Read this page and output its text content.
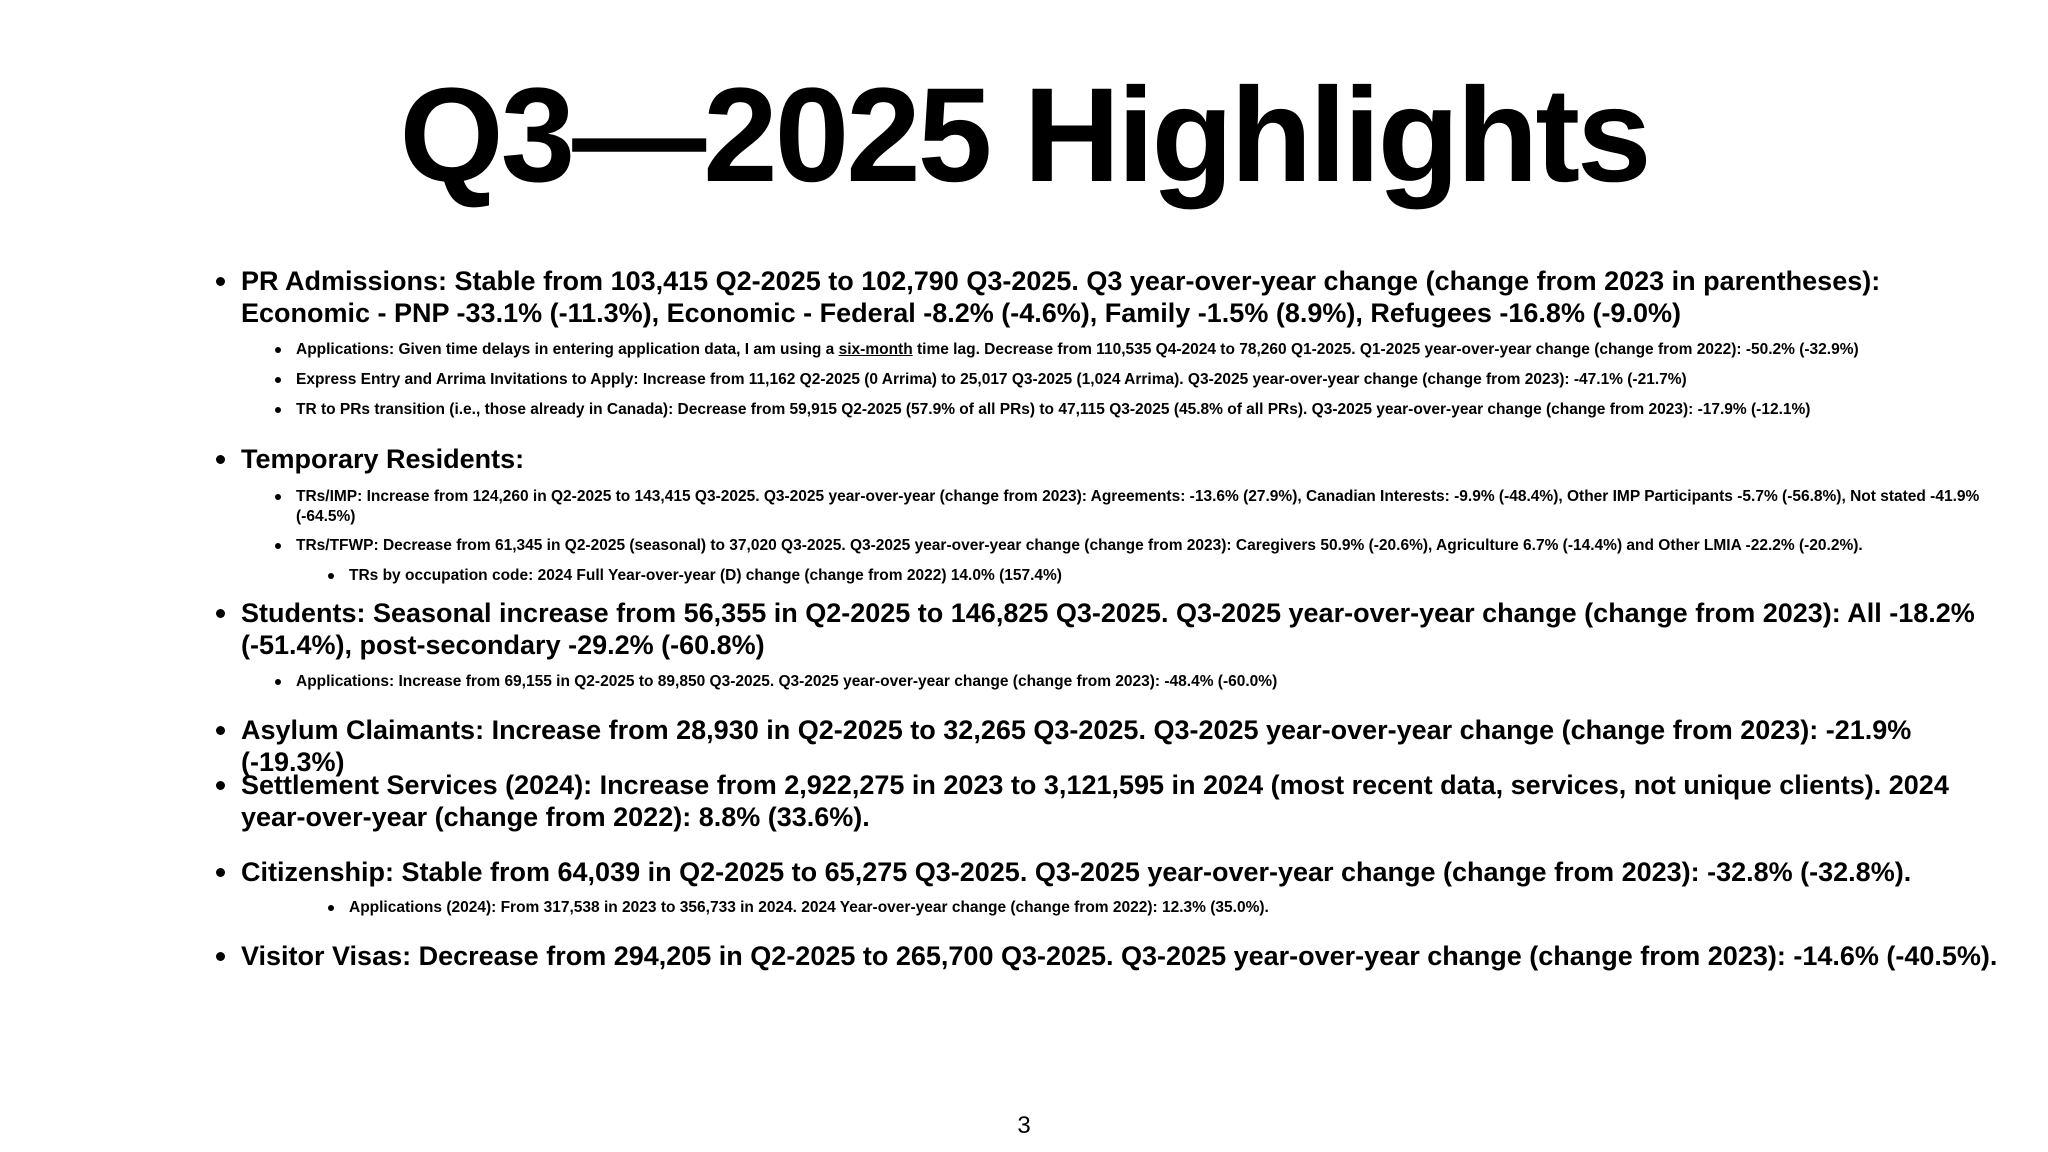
Q3—2025 Highlights
PR Admissions: Stable from 103,415 Q2-2025 to 102,790 Q3-2025. Q3 year-over-year change (change from 2023 in parentheses): Economic - PNP -33.1% (-11.3%), Economic - Federal -8.2% (-4.6%), Family -1.5% (8.9%), Refugees -16.8% (-9.0%)
Applications: Given time delays in entering application data, I am using a six-month time lag. Decrease from 110,535 Q4-2024 to 78,260 Q1-2025. Q1-2025 year-over-year change (change from 2022): -50.2% (-32.9%)
Express Entry and Arrima Invitations to Apply: Increase from 11,162 Q2-2025 (0 Arrima) to 25,017 Q3-2025 (1,024 Arrima). Q3-2025 year-over-year change (change from 2023): -47.1% (-21.7%)
TR to PRs transition (i.e., those already in Canada): Decrease from 59,915 Q2-2025 (57.9% of all PRs) to 47,115 Q3-2025 (45.8% of all PRs). Q3-2025 year-over-year change (change from 2023): -17.9% (-12.1%)
Temporary Residents:
TRs/IMP: Increase from 124,260 in Q2-2025 to 143,415 Q3-2025. Q3-2025 year-over-year (change from 2023): Agreements: -13.6% (27.9%), Canadian Interests: -9.9% (-48.4%), Other IMP Participants -5.7% (-56.8%), Not stated -41.9% (-64.5%)
TRs/TFWP: Decrease from 61,345 in Q2-2025 (seasonal) to 37,020 Q3-2025. Q3-2025 year-over-year change (change from 2023): Caregivers 50.9% (-20.6%), Agriculture 6.7% (-14.4%) and Other LMIA -22.2% (-20.2%).
TRs by occupation code: 2024 Full Year-over-year (D) change (change from 2022) 14.0% (157.4%)
Students: Seasonal increase from 56,355 in Q2-2025 to 146,825 Q3-2025. Q3-2025 year-over-year change (change from 2023): All -18.2% (-51.4%), post-secondary -29.2% (-60.8%)
Applications: Increase from 69,155 in Q2-2025 to 89,850 Q3-2025. Q3-2025 year-over-year change (change from 2023): -48.4% (-60.0%)
Asylum Claimants: Increase from 28,930 in Q2-2025 to 32,265 Q3-2025. Q3-2025 year-over-year change (change from 2023): -21.9% (-19.3%)
Settlement Services (2024): Increase from 2,922,275 in 2023 to 3,121,595 in 2024 (most recent data, services, not unique clients). 2024 year-over-year (change from 2022): 8.8% (33.6%).
Citizenship: Stable from 64,039 in Q2-2025 to 65,275 Q3-2025. Q3-2025 year-over-year change (change from 2023): -32.8% (-32.8%).
Applications (2024): From 317,538 in 2023 to 356,733 in 2024. 2024 Year-over-year change (change from 2022): 12.3% (35.0%).
Visitor Visas: Decrease from 294,205 in Q2-2025 to 265,700 Q3-2025. Q3-2025 year-over-year change (change from 2023): -14.6% (-40.5%).
3
